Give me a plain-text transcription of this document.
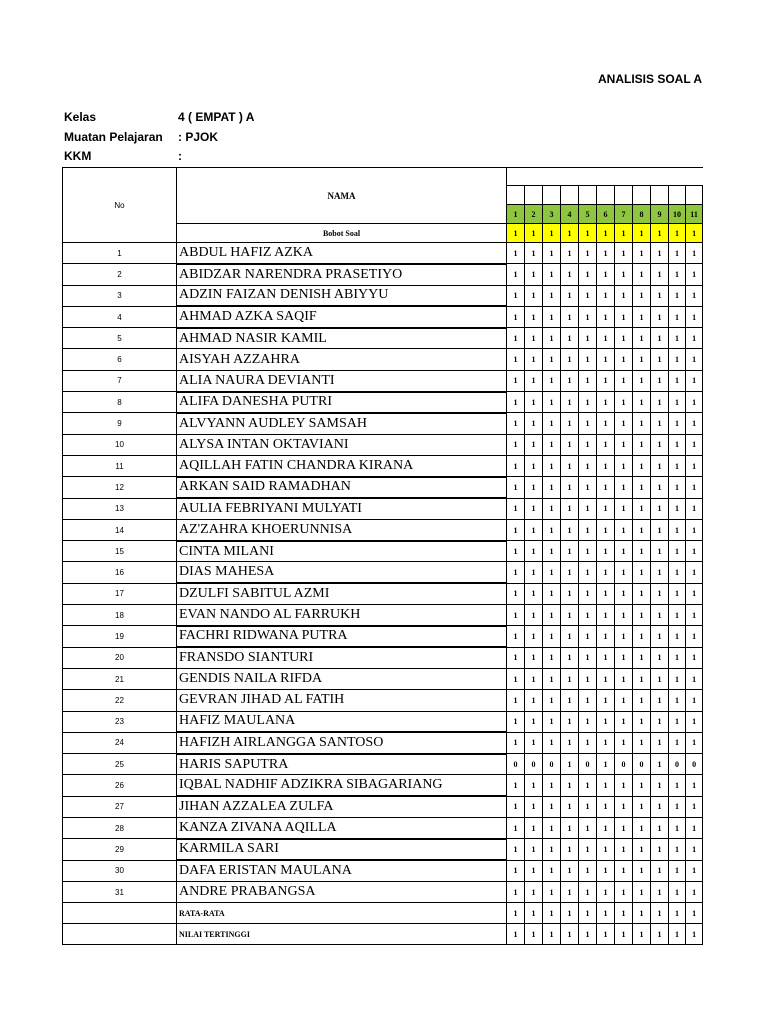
ANALISIS SOAL A
Kelas	4 ( EMPAT ) A
Muatan Pelajaran : PJOK
KKM	:
No	NAMA											

		1	2	3	4	5	6	7	8	9	10	11
	Bobot Soal	1	1	1	1	1	1	1	1	1	1	1
1	ABDUL HAFIZ AZKA	1	1	1	1	1	1	1	1	1	1	1
2	ABIDZAR NARENDRA PRASETIYO	1	1	1	1	1	1	1	1	1	1	1
3	ADZIN FAIZAN DENISH ABIYYU	1	1	1	1	1	1	1	1	1	1	1
4	AHMAD AZKA SAQIF	1	1	1	1	1	1	1	1	1	1	1
5	AHMAD NASIR KAMIL	1	1	1	1	1	1	1	1	1	1	1
6	AISYAH AZZAHRA	1	1	1	1	1	1	1	1	1	1	1
7	ALIA NAURA DEVIANTI	1	1	1	1	1	1	1	1	1	1	1
8	ALIFA DANESHA PUTRI	1	1	1	1	1	1	1	1	1	1	1
9	ALVYANN AUDLEY SAMSAH	1	1	1	1	1	1	1	1	1	1	1
10	ALYSA INTAN OKTAVIANI	1	1	1	1	1	1	1	1	1	1	1
11	AQILLAH FATIN CHANDRA KIRANA	1	1	1	1	1	1	1	1	1	1	1
12	ARKAN SAID RAMADHAN	1	1	1	1	1	1	1	1	1	1	1
13	AULIA FEBRIYANI MULYATI	1	1	1	1	1	1	1	1	1	1	1
14	AZ'ZAHRA KHOERUNNISA	1	1	1	1	1	1	1	1	1	1	1
15	CINTA MILANI	1	1	1	1	1	1	1	1	1	1	1
16	DIAS MAHESA	1	1	1	1	1	1	1	1	1	1	1
17	DZULFI SABITUL AZMI	1	1	1	1	1	1	1	1	1	1	1
18	EVAN NANDO AL FARRUKH	1	1	1	1	1	1	1	1	1	1	1
19	FACHRI RIDWANA PUTRA	1	1	1	1	1	1	1	1	1	1	1
20	FRANSDO SIANTURI	1	1	1	1	1	1	1	1	1	1	1
21	GENDIS NAILA RIFDA	1	1	1	1	1	1	1	1	1	1	1
22	GEVRAN JIHAD AL FATIH	1	1	1	1	1	1	1	1	1	1	1
23	HAFIZ MAULANA	1	1	1	1	1	1	1	1	1	1	1
24	HAFIZH AIRLANGGA SANTOSO	1	1	1	1	1	1	1	1	1	1	1
25	HARIS SAPUTRA	0	0	0	1	0	1	0	0	1	0	0
26	IQBAL NADHIF ADZIKRA SIBAGARIANG	1	1	1	1	1	1	1	1	1	1	1
27	JIHAN AZZALEA ZULFA	1	1	1	1	1	1	1	1	1	1	1
28	KANZA ZIVANA AQILLA	1	1	1	1	1	1	1	1	1	1	1
29	KARMILA SARI	1	1	1	1	1	1	1	1	1	1	1
30	DAFA ERISTAN MAULANA	1	1	1	1	1	1	1	1	1	1	1
31	ANDRE PRABANGSA	1	1	1	1	1	1	1	1	1	1	1
	RATA-RATA	1	1	1	1	1	1	1	1	1	1	1
	NILAI TERTINGGI	1	1	1	1	1	1	1	1	1	1	1
